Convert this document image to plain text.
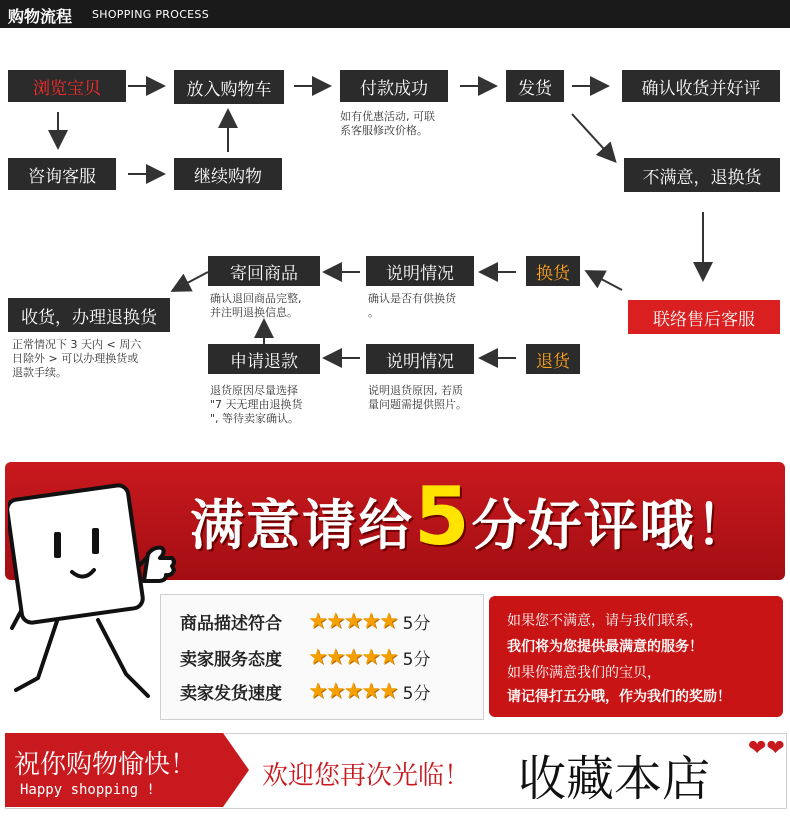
购物流程 SHOPPING PROCESS
浏览宝贝	放入购物车	付款成功	发货	确认收货并好评
咨询客服	继续购物	不满意，退换货
寄回商品	说明情况	换货
联络售后客服
收货，办理退换货
申请退款	说明情况	退货
如有优惠活动, 可联
系客服修改价格。
确认退回商品完整,
并注明退换信息。
确认是否有供换货
。
正常情况下 3 天内 < 周六
日除外 > 可以办理换货或
退款手续。
退货原因尽量选择
"7 天无理由退换货
", 等待卖家确认。
说明退货原因, 若质
量问题需提供照片。
满意请给5分好评哦！
商品描述符合	★★★★★ 5分
卖家服务态度	★★★★★ 5分
卖家发货速度	★★★★★ 5分
如果您不满意，请与我们联系，
我们将为您提供最满意的服务！
如果你满意我们的宝贝，
请记得打五分哦，作为我们的奖励！
祝你购物愉快！
Happy shopping !	欢迎您再次光临！ 收藏本店
❤❤
